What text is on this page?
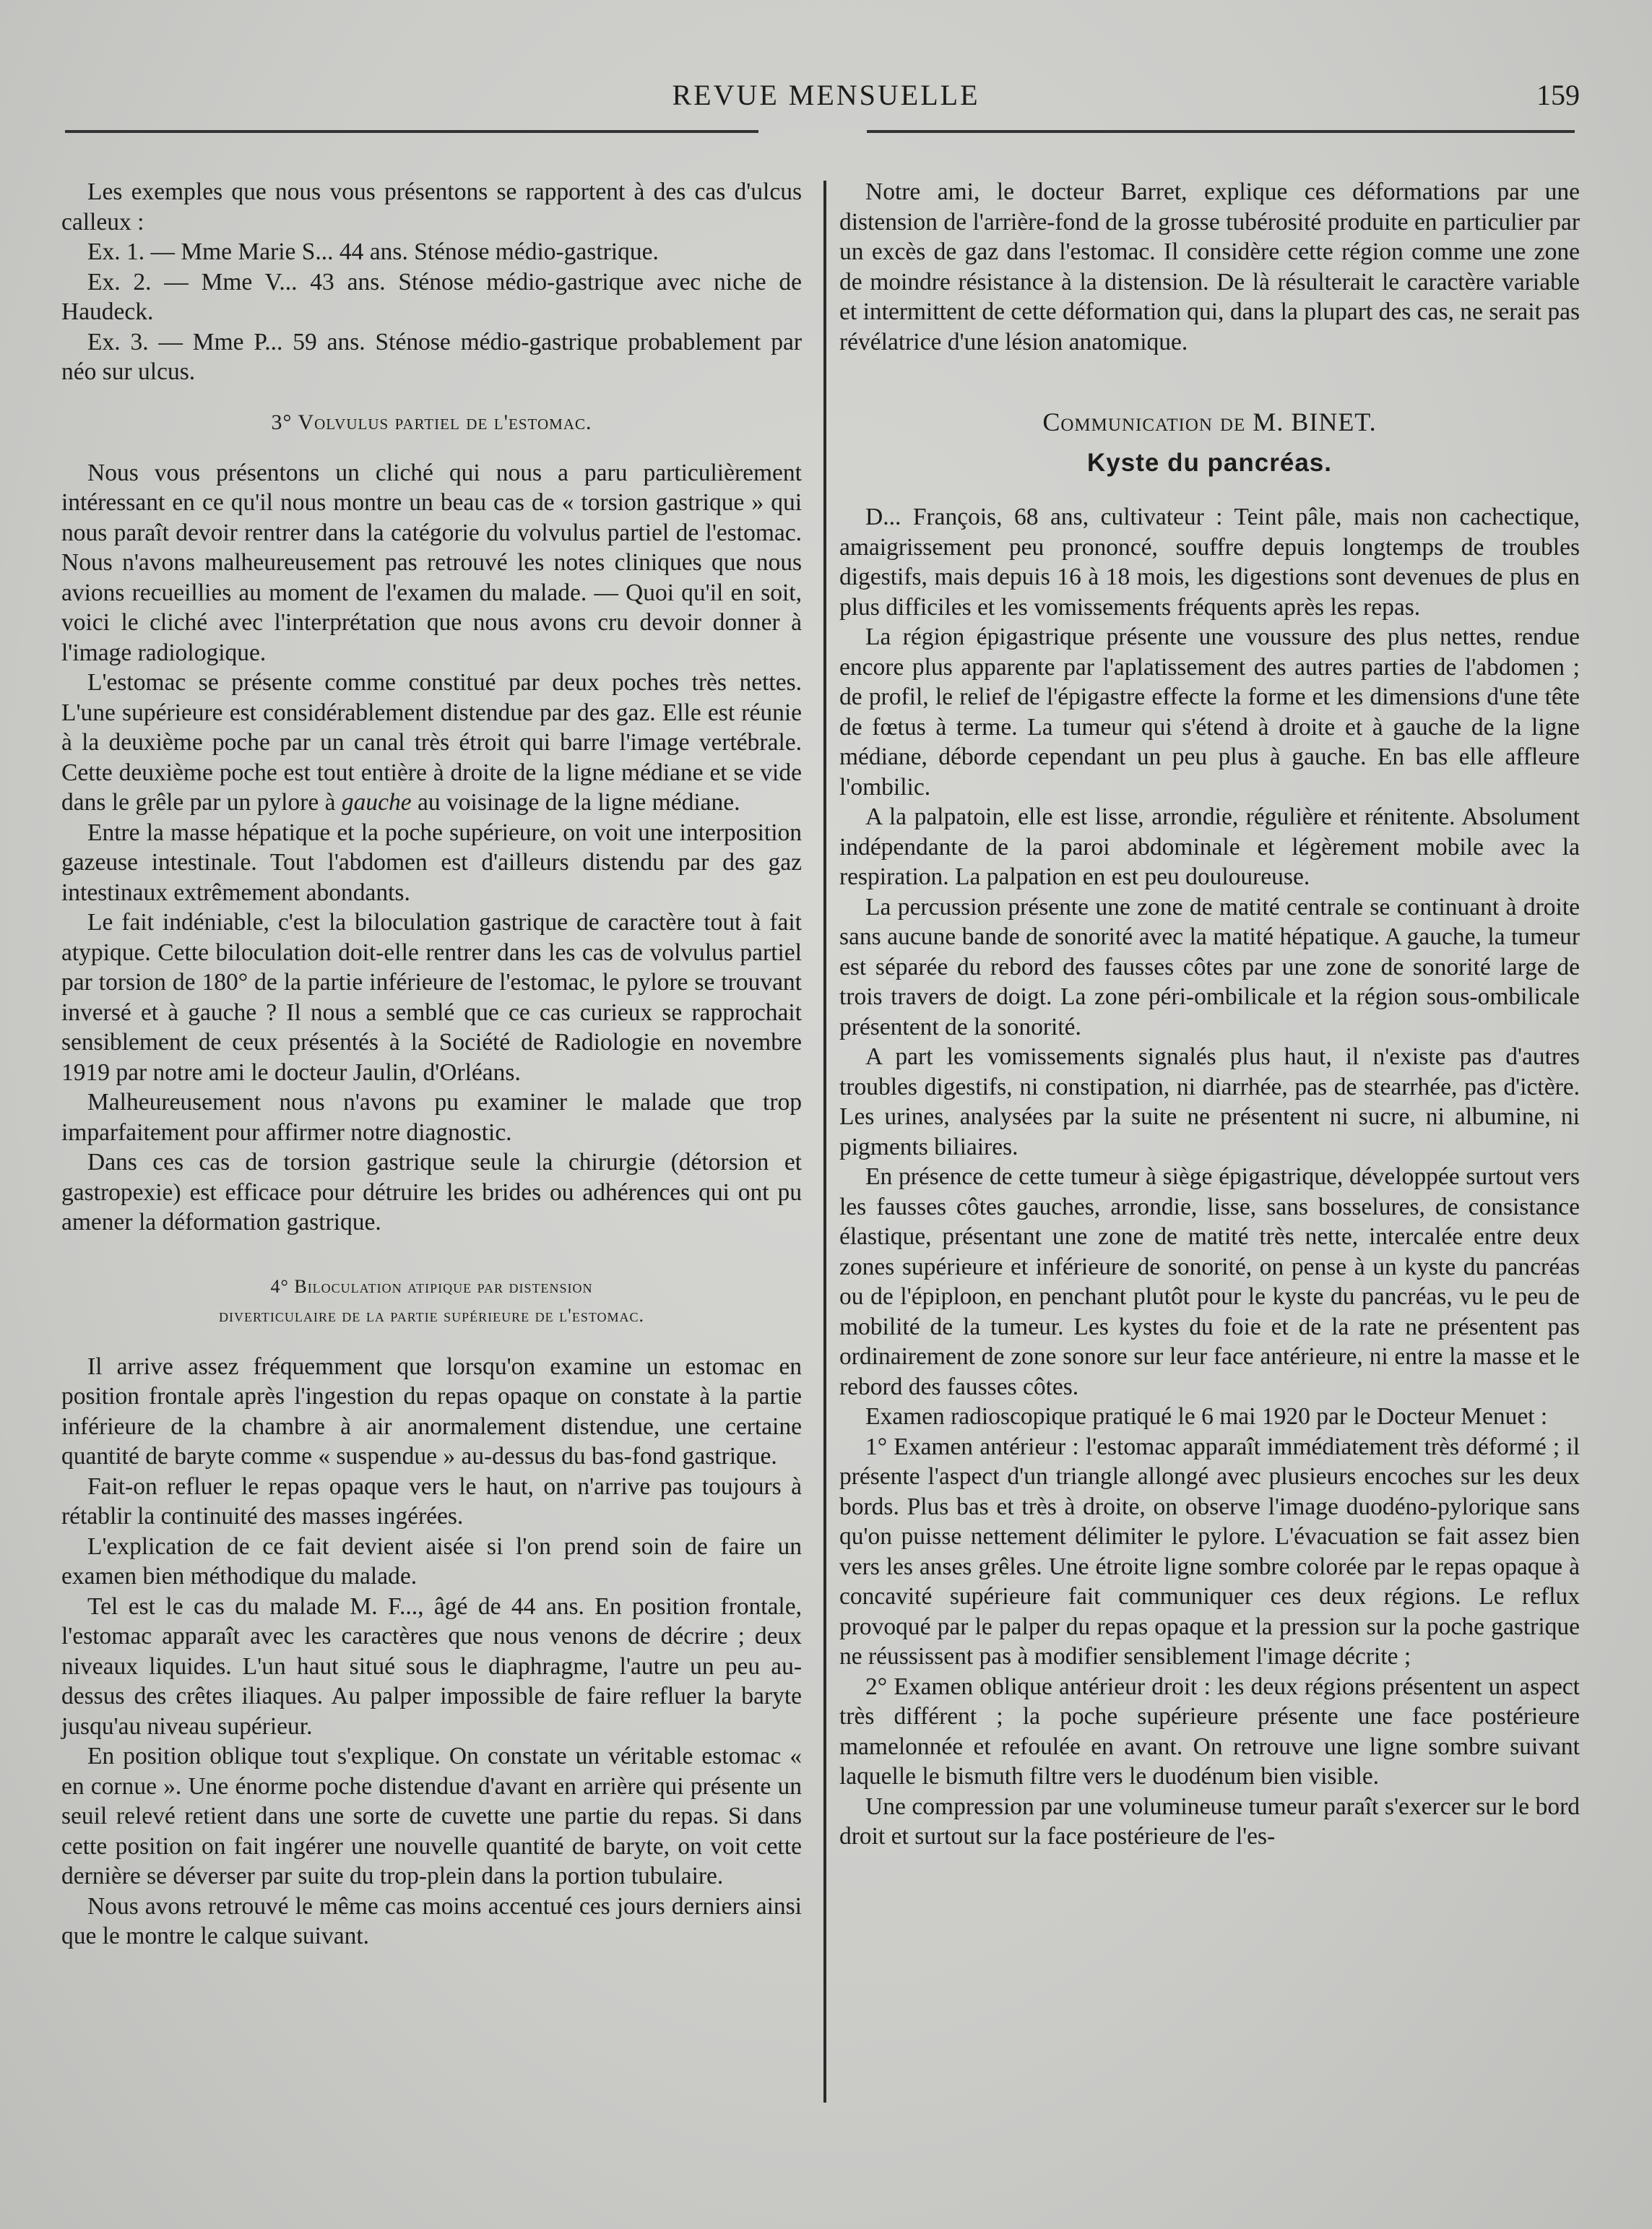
REVUE MENSUELLE	159

Les exemples que nous vous présentons se rapportent à des cas d'ulcus calleux :

Ex. 1. — Mme Marie S... 44 ans. Sténose médio-gastrique.

Ex. 2. — Mme V... 43 ans. Sténose médio-gastrique avec niche de Haudeck.

Ex. 3. — Mme P... 59 ans. Sténose médio-gastrique probablement par néo sur ulcus.

3° Volvulus partiel de l'estomac.

Nous vous présentons un cliché qui nous a paru particulièrement intéressant en ce qu'il nous montre un beau cas de « torsion gastrique » qui nous paraît devoir rentrer dans la catégorie du volvulus partiel de l'estomac. Nous n'avons malheureusement pas retrouvé les notes cliniques que nous avions recueillies au moment de l'examen du malade. — Quoi qu'il en soit, voici le cliché avec l'interprétation que nous avons cru devoir donner à l'image radiologique.

L'estomac se présente comme constitué par deux poches très nettes. L'une supérieure est considérablement distendue par des gaz. Elle est réunie à la deuxième poche par un canal très étroit qui barre l'image vertébrale. Cette deuxième poche est tout entière à droite de la ligne médiane et se vide dans le grêle par un pylore à gauche au voisinage de la ligne médiane.

Entre la masse hépatique et la poche supérieure, on voit une interposition gazeuse intestinale. Tout l'abdomen est d'ailleurs distendu par des gaz intestinaux extrêmement abondants.

Le fait indéniable, c'est la biloculation gastrique de caractère tout à fait atypique. Cette biloculation doit-elle rentrer dans les cas de volvulus partiel par torsion de 180° de la partie inférieure de l'estomac, le pylore se trouvant inversé et à gauche ? Il nous a semblé que ce cas curieux se rapprochait sensiblement de ceux présentés à la Société de Radiologie en novembre 1919 par notre ami le docteur Jaulin, d'Orléans.

Malheureusement nous n'avons pu examiner le malade que trop imparfaitement pour affirmer notre diagnostic.

Dans ces cas de torsion gastrique seule la chirurgie (détorsion et gastropexie) est efficace pour détruire les brides ou adhérences qui ont pu amener la déformation gastrique.

4° Biloculation atipique par distension
diverticulaire de la partie supérieure de l'estomac.

Il arrive assez fréquemment que lorsqu'on examine un estomac en position frontale après l'ingestion du repas opaque on constate à la partie inférieure de la chambre à air anormalement distendue, une certaine quantité de baryte comme « suspendue » au-dessus du bas-fond gastrique.

Fait-on refluer le repas opaque vers le haut, on n'arrive pas toujours à rétablir la continuité des masses ingérées.

L'explication de ce fait devient aisée si l'on prend soin de faire un examen bien méthodique du malade.

Tel est le cas du malade M. F..., âgé de 44 ans. En position frontale, l'estomac apparaît avec les caractères que nous venons de décrire ; deux niveaux liquides. L'un haut situé sous le diaphragme, l'autre un peu au-dessus des crêtes iliaques. Au palper impossible de faire refluer la baryte jusqu'au niveau supérieur.

En position oblique tout s'explique. On constate un véritable estomac « en cornue ». Une énorme poche distendue d'avant en arrière qui présente un seuil relevé retient dans une sorte de cuvette une partie du repas. Si dans cette position on fait ingérer une nouvelle quantité de baryte, on voit cette dernière se déverser par suite du trop-plein dans la portion tubulaire.

Nous avons retrouvé le même cas moins accentué ces jours derniers ainsi que le montre le calque suivant.

Notre ami, le docteur Barret, explique ces déformations par une distension de l'arrière-fond de la grosse tubérosité produite en particulier par un excès de gaz dans l'estomac. Il considère cette région comme une zone de moindre résistance à la distension. De là résulterait le caractère variable et intermittent de cette déformation qui, dans la plupart des cas, ne serait pas révélatrice d'une lésion anatomique.

Communication de M. BINET.
Kyste du pancréas.

D... François, 68 ans, cultivateur : Teint pâle, mais non cachectique, amaigrissement peu prononcé, souffre depuis longtemps de troubles digestifs, mais depuis 16 à 18 mois, les digestions sont devenues de plus en plus difficiles et les vomissements fréquents après les repas.

La région épigastrique présente une voussure des plus nettes, rendue encore plus apparente par l'aplatissement des autres parties de l'abdomen ; de profil, le relief de l'épigastre effecte la forme et les dimensions d'une tête de fœtus à terme. La tumeur qui s'étend à droite et à gauche de la ligne médiane, déborde cependant un peu plus à gauche. En bas elle affleure l'ombilic.

A la palpatoin, elle est lisse, arrondie, régulière et rénitente. Absolument indépendante de la paroi abdominale et légèrement mobile avec la respiration. La palpation en est peu douloureuse.

La percussion présente une zone de matité centrale se continuant à droite sans aucune bande de sonorité avec la matité hépatique. A gauche, la tumeur est séparée du rebord des fausses côtes par une zone de sonorité large de trois travers de doigt. La zone péri-ombilicale et la région sous-ombilicale présentent de la sonorité.

A part les vomissements signalés plus haut, il n'existe pas d'autres troubles digestifs, ni constipation, ni diarrhée, pas de stearrhée, pas d'ictère. Les urines, analysées par la suite ne présentent ni sucre, ni albumine, ni pigments biliaires.

En présence de cette tumeur à siège épigastrique, développée surtout vers les fausses côtes gauches, arrondie, lisse, sans bosselures, de consistance élastique, présentant une zone de matité très nette, intercalée entre deux zones supérieure et inférieure de sonorité, on pense à un kyste du pancréas ou de l'épiploon, en penchant plutôt pour le kyste du pancréas, vu le peu de mobilité de la tumeur. Les kystes du foie et de la rate ne présentent pas ordinairement de zone sonore sur leur face antérieure, ni entre la masse et le rebord des fausses côtes.

Examen radioscopique pratiqué le 6 mai 1920 par le Docteur Menuet :

1° Examen antérieur : l'estomac apparaît immédiatement très déformé ; il présente l'aspect d'un triangle allongé avec plusieurs encoches sur les deux bords. Plus bas et très à droite, on observe l'image duodéno-pylorique sans qu'on puisse nettement délimiter le pylore. L'évacuation se fait assez bien vers les anses grêles. Une étroite ligne sombre colorée par le repas opaque à concavité supérieure fait communiquer ces deux régions. Le reflux provoqué par le palper du repas opaque et la pression sur la poche gastrique ne réussissent pas à modifier sensiblement l'image décrite ;

2° Examen oblique antérieur droit : les deux régions présentent un aspect très différent ; la poche supérieure présente une face postérieure mamelonnée et refoulée en avant. On retrouve une ligne sombre suivant laquelle le bismuth filtre vers le duodénum bien visible.

Une compression par une volumineuse tumeur paraît s'exercer sur le bord droit et surtout sur la face postérieure de l'es-
